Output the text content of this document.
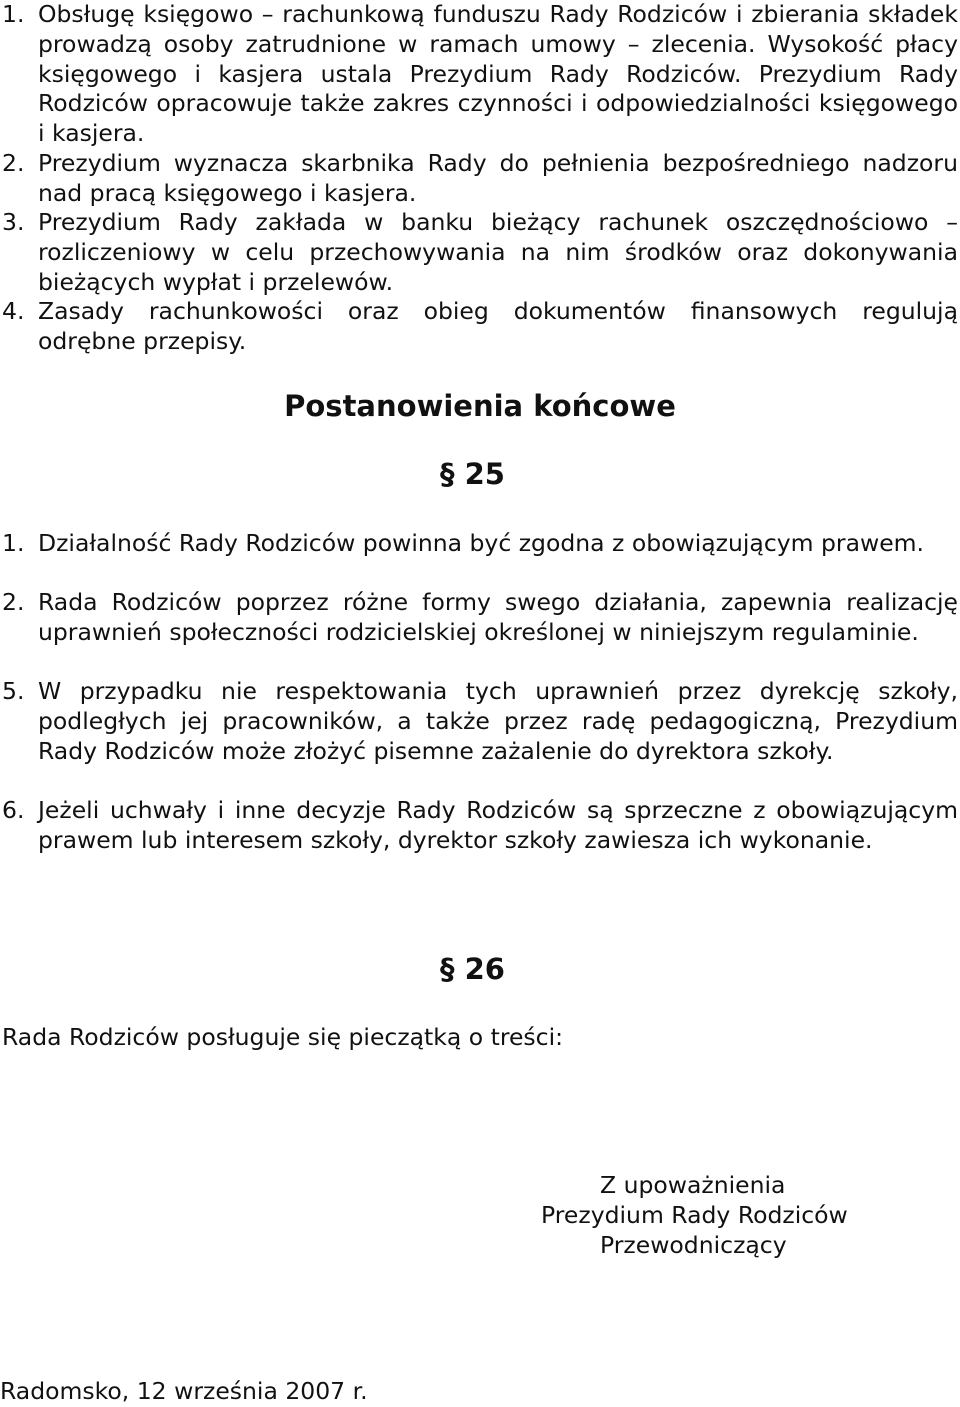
1. Obsługę księgowo – rachunkową funduszu Rady Rodziców i zbierania składek prowadzą osoby zatrudnione w ramach umowy – zlecenia. Wysokość płacy księgowego i kasjera ustala Prezydium Rady Rodziców. Prezydium Rady Rodziców opracowuje także zakres czynności i odpowiedzialności księgowego i kasjera.
2. Prezydium wyznacza skarbnika Rady do pełnienia bezpośredniego nadzoru nad pracą księgowego i kasjera.
3. Prezydium Rady zakłada w banku bieżący rachunek oszczędnościowo – rozliczeniowy w celu przechowywania na nim środków oraz dokonywania bieżących wypłat i przelewów.
4. Zasady rachunkowości oraz obieg dokumentów finansowych regulują odrębne przepisy.
Postanowienia końcowe
§ 25
1. Działalność Rady Rodziców powinna być zgodna z obowiązującym prawem.
2. Rada Rodziców poprzez różne formy swego działania, zapewnia realizację uprawnień społeczności rodzicielskiej określonej w niniejszym regulaminie.
5. W przypadku nie respektowania tych uprawnień przez dyrekcję szkoły, podległych jej pracowników, a także przez radę pedagogiczną, Prezydium Rady Rodziców może złożyć pisemne zażalenie do dyrektora szkoły.
6. Jeżeli uchwały i inne decyzje Rady Rodziców są sprzeczne z obowiązującym prawem lub interesem szkoły, dyrektor szkoły zawiesza ich wykonanie.
§ 26
Rada Rodziców posługuje się pieczątką o treści:
Z upoważnienia
Prezydium Rady Rodziców
Przewodniczący
Radomsko, 12 września 2007 r.
